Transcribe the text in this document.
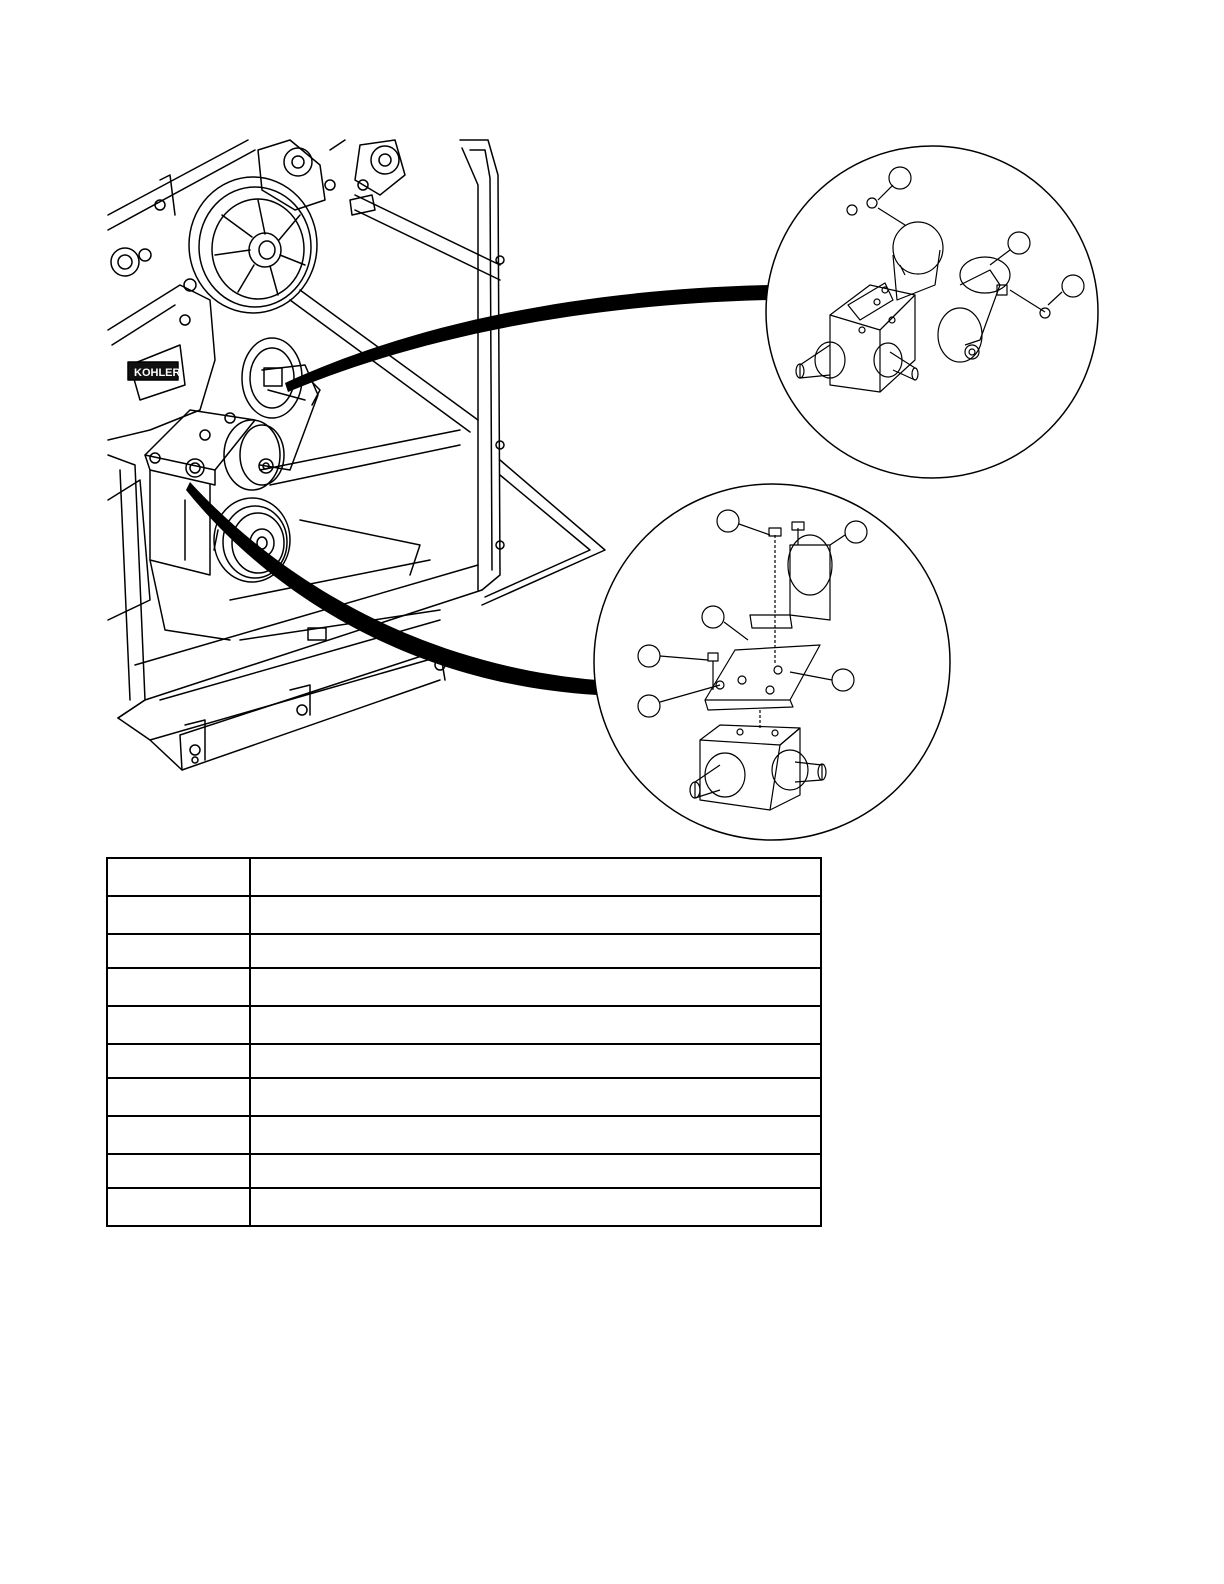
KOHLER
